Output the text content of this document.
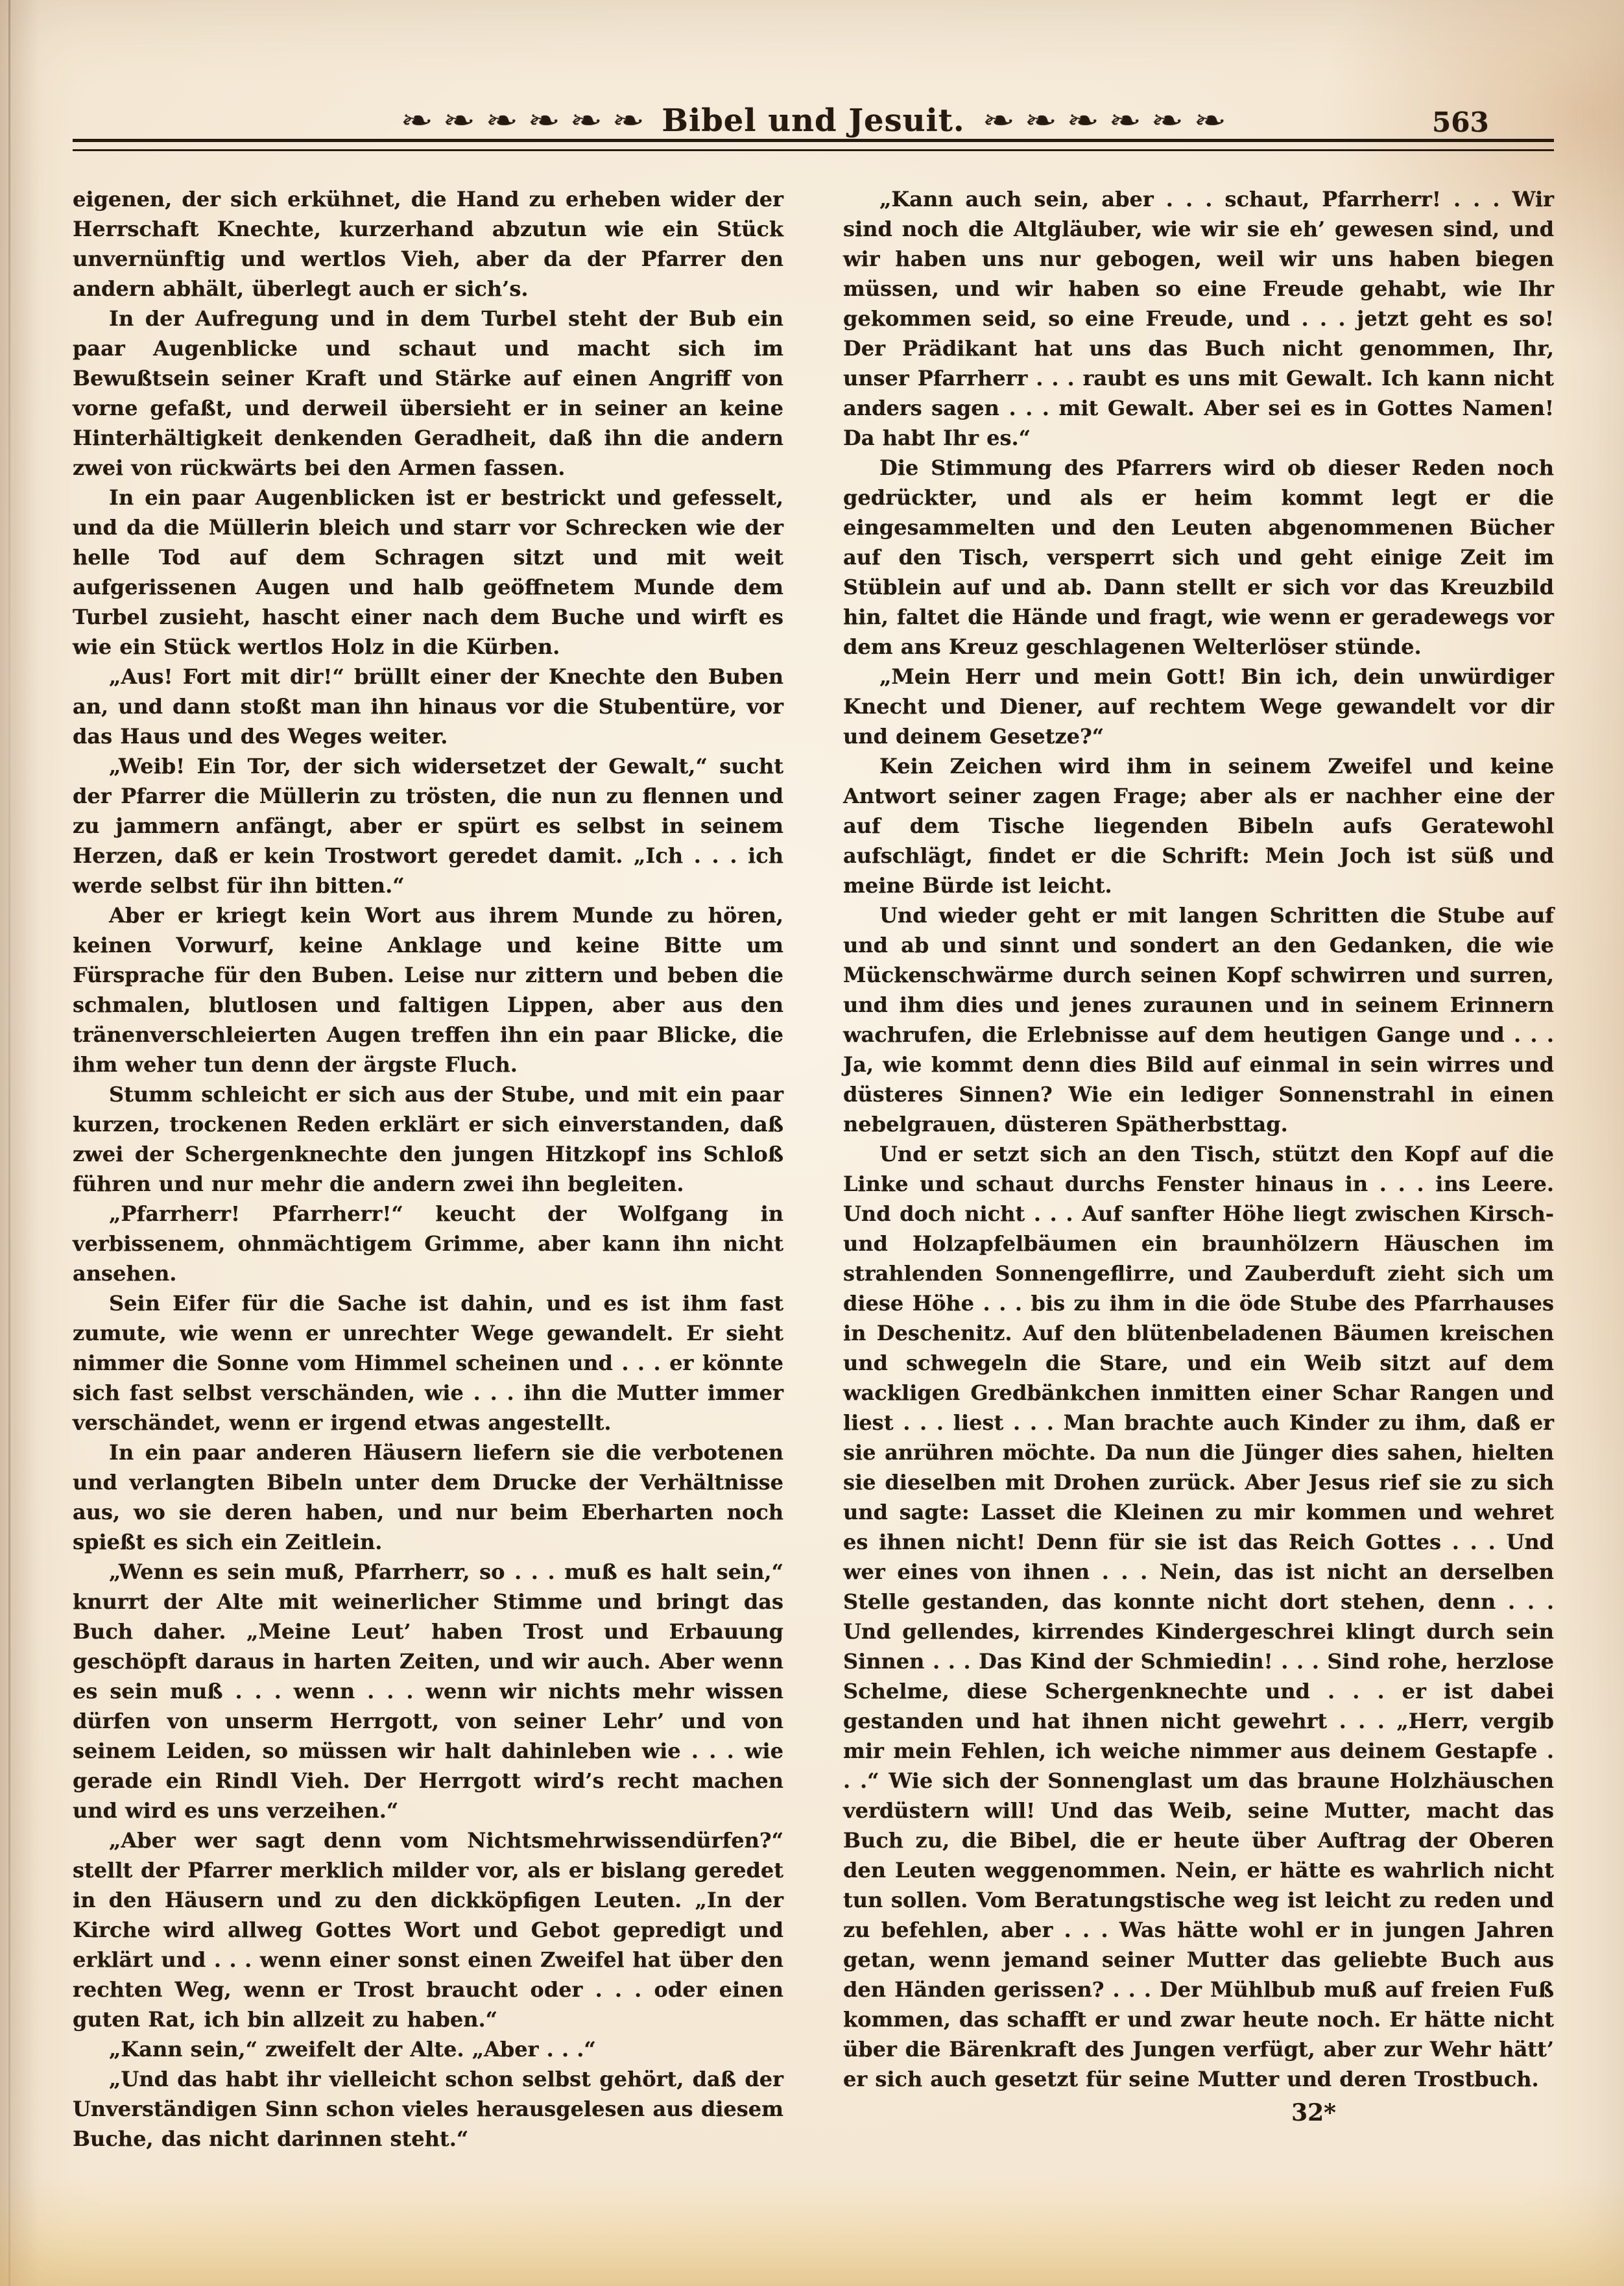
❧ ❧ ❧ ❧ ❧ ❧ Bibel und Jesuit. ❧ ❧ ❧ ❧ ❧ ❧	563

eigenen, der sich erkühnet, die Hand zu erheben wider der Herrschaft Knechte, kurzerhand abzutun wie ein Stück unvernünftig und wertlos Vieh, aber da der Pfarrer den andern abhält, überlegt auch er sich’s.

In der Aufregung und in dem Turbel steht der Bub ein paar Augenblicke und schaut und macht sich im Bewußtsein seiner Kraft und Stärke auf einen Angriff von vorne gefaßt, und derweil übersieht er in seiner an keine Hinterhältigkeit denkenden Geradheit, daß ihn die andern zwei von rückwärts bei den Armen fassen.

In ein paar Augenblicken ist er bestrickt und gefesselt, und da die Müllerin bleich und starr vor Schrecken wie der helle Tod auf dem Schragen sitzt und mit weit aufgerissenen Augen und halb geöffnetem Munde dem Turbel zusieht, hascht einer nach dem Buche und wirft es wie ein Stück wertlos Holz in die Kürben.

„Aus! Fort mit dir!“ brüllt einer der Knechte den Buben an, und dann stoßt man ihn hinaus vor die Stubentüre, vor das Haus und des Weges weiter.

„Weib! Ein Tor, der sich widersetzet der Gewalt,“ sucht der Pfarrer die Müllerin zu trösten, die nun zu flennen und zu jammern anfängt, aber er spürt es selbst in seinem Herzen, daß er kein Trostwort geredet damit. „Ich . . . ich werde selbst für ihn bitten.“

Aber er kriegt kein Wort aus ihrem Munde zu hören, keinen Vorwurf, keine Anklage und keine Bitte um Fürsprache für den Buben. Leise nur zittern und beben die schmalen, blutlosen und faltigen Lippen, aber aus den tränenverschleierten Augen treffen ihn ein paar Blicke, die ihm weher tun denn der ärgste Fluch.

Stumm schleicht er sich aus der Stube, und mit ein paar kurzen, trockenen Reden erklärt er sich einverstanden, daß zwei der Schergenknechte den jungen Hitzkopf ins Schloß führen und nur mehr die andern zwei ihn begleiten.

„Pfarrherr! Pfarrherr!“ keucht der Wolfgang in verbissenem, ohnmächtigem Grimme, aber kann ihn nicht ansehen.

Sein Eifer für die Sache ist dahin, und es ist ihm fast zumute, wie wenn er unrechter Wege gewandelt. Er sieht nimmer die Sonne vom Himmel scheinen und . . . er könnte sich fast selbst verschänden, wie . . . ihn die Mutter immer verschändet, wenn er irgend etwas angestellt.

In ein paar anderen Häusern liefern sie die verbotenen und verlangten Bibeln unter dem Drucke der Verhältnisse aus, wo sie deren haben, und nur beim Eberharten noch spießt es sich ein Zeitlein.

„Wenn es sein muß, Pfarrherr, so . . . muß es halt sein,“ knurrt der Alte mit weinerlicher Stimme und bringt das Buch daher. „Meine Leut’ haben Trost und Erbauung geschöpft daraus in harten Zeiten, und wir auch. Aber wenn es sein muß . . . wenn . . . wenn wir nichts mehr wissen dürfen von unserm Herrgott, von seiner Lehr’ und von seinem Leiden, so müssen wir halt dahinleben wie . . . wie gerade ein Rindl Vieh. Der Herrgott wird’s recht machen und wird es uns verzeihen.“

„Aber wer sagt denn vom Nichtsmehrwissendürfen?“ stellt der Pfarrer merklich milder vor, als er bislang geredet in den Häusern und zu den dickköpfigen Leuten. „In der Kirche wird allweg Gottes Wort und Gebot gepredigt und erklärt und . . . wenn einer sonst einen Zweifel hat über den rechten Weg, wenn er Trost braucht oder . . . oder einen guten Rat, ich bin allzeit zu haben.“

„Kann sein,“ zweifelt der Alte. „Aber . . .“

„Und das habt ihr vielleicht schon selbst gehört, daß der Unverständigen Sinn schon vieles herausgelesen aus diesem Buche, das nicht darinnen steht.“

„Kann auch sein, aber . . . schaut, Pfarrherr! . . . Wir sind noch die Altgläuber, wie wir sie eh’ gewesen sind, und wir haben uns nur gebogen, weil wir uns haben biegen müssen, und wir haben so eine Freude gehabt, wie Ihr gekommen seid, so eine Freude, und . . . jetzt geht es so! Der Prädikant hat uns das Buch nicht genommen, Ihr, unser Pfarrherr . . . raubt es uns mit Gewalt. Ich kann nicht anders sagen . . . mit Gewalt. Aber sei es in Gottes Namen! Da habt Ihr es.“

Die Stimmung des Pfarrers wird ob dieser Reden noch gedrückter, und als er heim kommt legt er die eingesammelten und den Leuten abgenommenen Bücher auf den Tisch, versperrt sich und geht einige Zeit im Stüblein auf und ab. Dann stellt er sich vor das Kreuzbild hin, faltet die Hände und fragt, wie wenn er geradewegs vor dem ans Kreuz geschlagenen Welterlöser stünde.

„Mein Herr und mein Gott! Bin ich, dein unwürdiger Knecht und Diener, auf rechtem Wege gewandelt vor dir und deinem Gesetze?“

Kein Zeichen wird ihm in seinem Zweifel und keine Antwort seiner zagen Frage; aber als er nachher eine der auf dem Tische liegenden Bibeln aufs Geratewohl aufschlägt, findet er die Schrift: Mein Joch ist süß und meine Bürde ist leicht.

Und wieder geht er mit langen Schritten die Stube auf und ab und sinnt und sondert an den Gedanken, die wie Mückenschwärme durch seinen Kopf schwirren und surren, und ihm dies und jenes zuraunen und in seinem Erinnern wachrufen, die Erlebnisse auf dem heutigen Gange und . . . Ja, wie kommt denn dies Bild auf einmal in sein wirres und düsteres Sinnen? Wie ein lediger Sonnenstrahl in einen nebelgrauen, düsteren Spätherbsttag.

Und er setzt sich an den Tisch, stützt den Kopf auf die Linke und schaut durchs Fenster hinaus in . . . ins Leere. Und doch nicht . . . Auf sanfter Höhe liegt zwischen Kirsch- und Holzapfelbäumen ein braunhölzern Häuschen im strahlenden Sonnengeflirre, und Zauberduft zieht sich um diese Höhe . . . bis zu ihm in die öde Stube des Pfarrhauses in Deschenitz. Auf den blütenbeladenen Bäumen kreischen und schwegeln die Stare, und ein Weib sitzt auf dem wackligen Gredbänkchen inmitten einer Schar Rangen und liest . . . liest . . . Man brachte auch Kinder zu ihm, daß er sie anrühren möchte. Da nun die Jünger dies sahen, hielten sie dieselben mit Drohen zurück. Aber Jesus rief sie zu sich und sagte: Lasset die Kleinen zu mir kommen und wehret es ihnen nicht! Denn für sie ist das Reich Gottes . . . Und wer eines von ihnen . . . Nein, das ist nicht an derselben Stelle gestanden, das konnte nicht dort stehen, denn . . . Und gellendes, kirrendes Kindergeschrei klingt durch sein Sinnen . . . Das Kind der Schmiedin! . . . Sind rohe, herzlose Schelme, diese Schergenknechte und . . . er ist dabei gestanden und hat ihnen nicht gewehrt . . . „Herr, vergib mir mein Fehlen, ich weiche nimmer aus deinem Gestapfe . . .“ Wie sich der Sonnenglast um das braune Holzhäuschen verdüstern will! Und das Weib, seine Mutter, macht das Buch zu, die Bibel, die er heute über Auftrag der Oberen den Leuten weggenommen. Nein, er hätte es wahrlich nicht tun sollen. Vom Beratungstische weg ist leicht zu reden und zu befehlen, aber . . . Was hätte wohl er in jungen Jahren getan, wenn jemand seiner Mutter das geliebte Buch aus den Händen gerissen? . . . Der Mühlbub muß auf freien Fuß kommen, das schafft er und zwar heute noch. Er hätte nicht über die Bärenkraft des Jungen verfügt, aber zur Wehr hätt’ er sich auch gesetzt für seine Mutter und deren Trostbuch.

32*
